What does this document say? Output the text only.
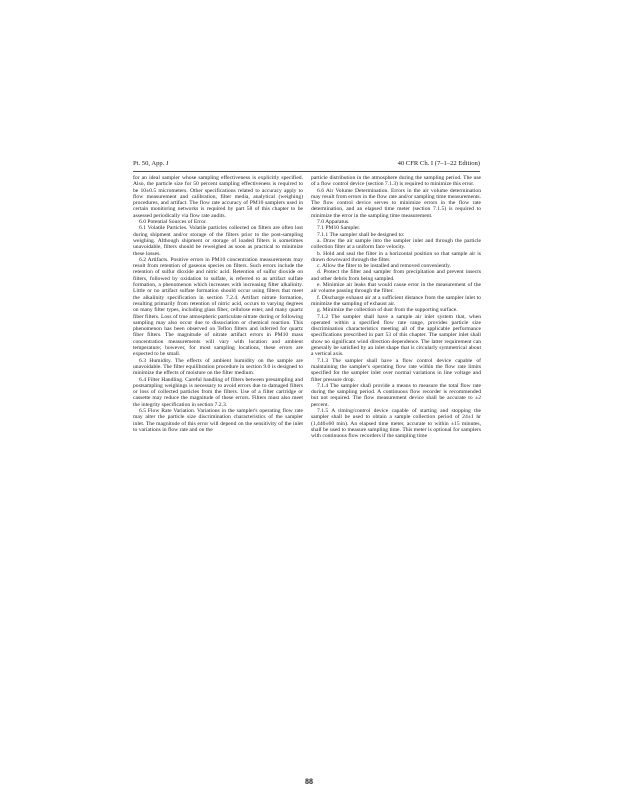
Pt. 50, App. J	40 CFR Ch. I (7–1–22 Edition)

for an ideal sampler whose sampling effectiveness is explicitly specified. Also, the particle size for 50 percent sampling effectiveness is required to be 10±0.5 micrometers. Other specifications related to accuracy apply to flow measurement and calibration, filter media, analytical (weighing) procedures, and artifact. The flow rate accuracy of PM10 samplers used in certain monitoring networks is required by part 58 of this chapter to be assessed periodically via flow rate audits.

6.0 Potential Sources of Error.

6.1 Volatile Particles. Volatile particles collected on filters are often lost during shipment and/or storage of the filters prior to the post-sampling weighing. Although shipment or storage of loaded filters is sometimes unavoidable, filters should be reweighed as soon as practical to minimize these losses.

6.2 Artifacts. Positive errors in PM10 concentration measurements may result from retention of gaseous species on filters. Such errors include the retention of sulfur dioxide and nitric acid. Retention of sulfur dioxide on filters, followed by oxidation to sulfate, is referred to as artifact sulfate formation, a phenomenon which increases with increasing filter alkalinity. Little or no artifact sulfate formation should occur using filters that meet the alkalinity specification in section 7.2.4. Artifact nitrate formation, resulting primarily from retention of nitric acid, occurs to varying degrees on many filter types, including glass fiber, cellulose ester, and many quartz fiber filters. Loss of true atmospheric particulate nitrate during or following sampling may also occur due to dissociation or chemical reaction. This phenomenon has been observed on Teflon filters and inferred for quartz fiber filters. The magnitude of nitrate artifact errors in PM10 mass concentration measurements will vary with location and ambient temperature; however, for most sampling locations, these errors are expected to be small.

6.3 Humidity. The effects of ambient humidity on the sample are unavoidable. The filter equilibration procedure in section 9.0 is designed to minimize the effects of moisture on the filter medium.

6.4 Filter Handling. Careful handling of filters between presampling and postsampling weighings is necessary to avoid errors due to damaged filters or loss of collected particles from the filters. Use of a filter cartridge or cassette may reduce the magnitude of these errors. Filters must also meet the integrity specification in section 7.2.3.

6.5 Flow Rate Variation. Variations in the sampler's operating flow rate may alter the particle size discrimination characteristics of the sampler inlet. The magnitude of this error will depend on the sensitivity of the inlet to variations in flow rate and on the

particle distribution in the atmosphere during the sampling period. The use of a flow control device (section 7.1.3) is required to minimize this error.

6.6 Air Volume Determination. Errors in the air volume determination may result from errors in the flow rate and/or sampling time measurements. The flow control device serves to minimize errors in the flow rate determination, and an elapsed time meter (section 7.1.5) is required to minimize the error in the sampling time measurement.

7.0 Apparatus.

7.1 PM10 Sampler.

7.1.1 The sampler shall be designed to:

a. Draw the air sample into the sampler inlet and through the particle collection filter at a uniform face velocity.

b. Hold and seal the filter in a horizontal position so that sample air is drawn downward through the filter.

c. Allow the filter to be installed and removed conveniently.

d. Protect the filter and sampler from precipitation and prevent insects and other debris from being sampled.

e. Minimize air leaks that would cause error in the measurement of the air volume passing through the filter.

f. Discharge exhaust air at a sufficient distance from the sampler inlet to minimize the sampling of exhaust air.

g. Minimize the collection of dust from the supporting surface.

7.1.2 The sampler shall have a sample air inlet system that, when operated within a specified flow rate range, provides particle size discrimination characteristics meeting all of the applicable performance specifications prescribed in part 53 of this chapter. The sampler inlet shall show no significant wind direction dependence. The latter requirement can generally be satisfied by an inlet shape that is circularly symmetrical about a vertical axis.

7.1.3 The sampler shall have a flow control device capable of maintaining the sampler's operating flow rate within the flow rate limits specified for the sampler inlet over normal variations in line voltage and filter pressure drop.

7.1.4 The sampler shall provide a means to measure the total flow rate during the sampling period. A continuous flow recorder is recommended but not required. The flow measurement device shall be accurate to ±2 percent.

7.1.5 A timing/control device capable of starting and stopping the sampler shall be used to obtain a sample collection period of 24±1 hr (1,440±60 min). An elapsed time meter, accurate to within ±15 minutes, shall be used to measure sampling time. This meter is optional for samplers with continuous flow recorders if the sampling time

88
